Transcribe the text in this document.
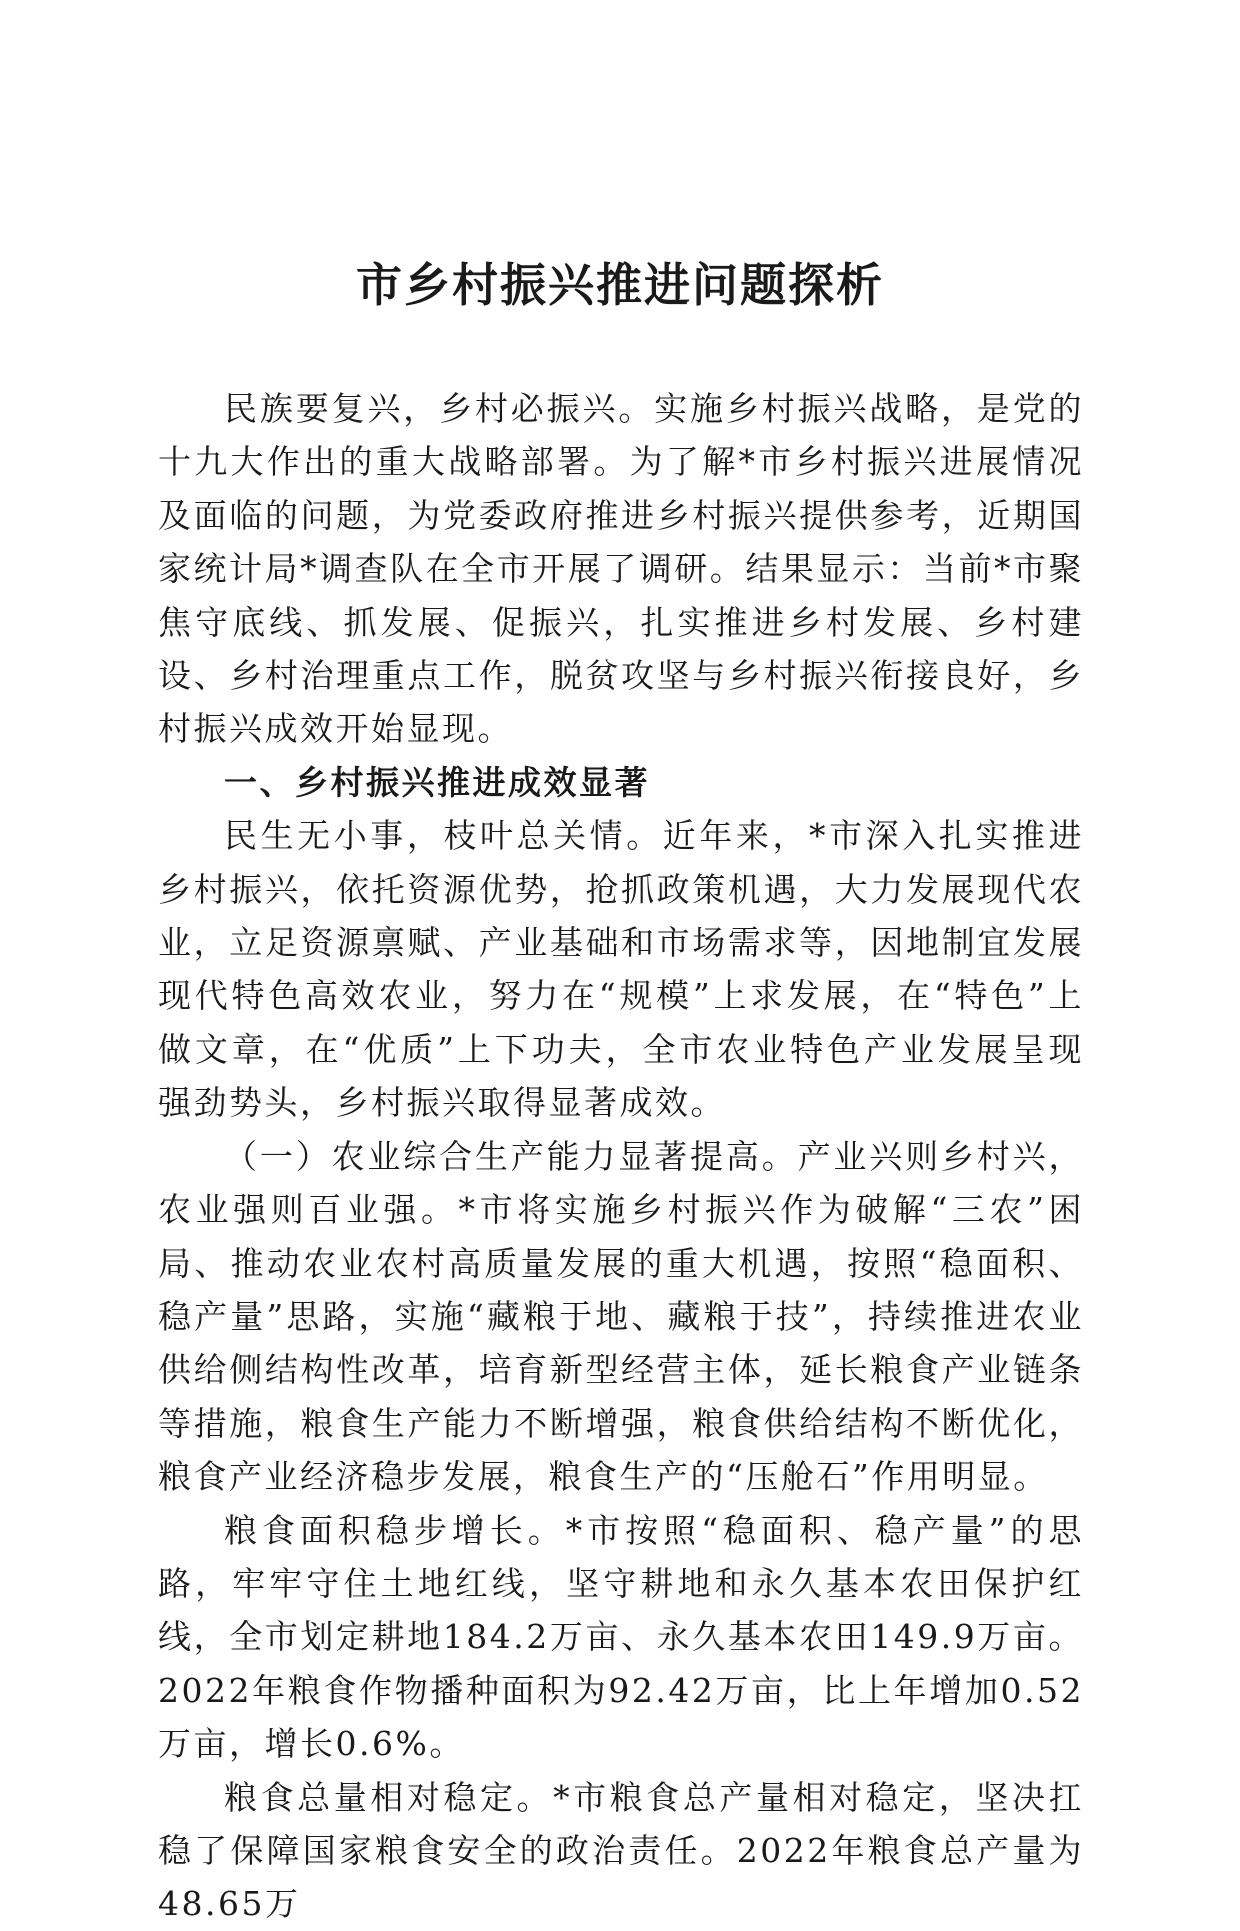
市乡村振兴推进问题探析

民族要复兴，乡村必振兴。实施乡村振兴战略，是党的十九大作出的重大战略部署。为了解*市乡村振兴进展情况及面临的问题，为党委政府推进乡村振兴提供参考，近期国家统计局*调查队在全市开展了调研。结果显示：当前*市聚焦守底线、抓发展、促振兴，扎实推进乡村发展、乡村建设、乡村治理重点工作，脱贫攻坚与乡村振兴衔接良好，乡村振兴成效开始显现。

一、乡村振兴推进成效显著

民生无小事，枝叶总关情。近年来，*市深入扎实推进乡村振兴，依托资源优势，抢抓政策机遇，大力发展现代农业，立足资源禀赋、产业基础和市场需求等，因地制宜发展现代特色高效农业，努力在“规模”上求发展，在“特色”上做文章，在“优质”上下功夫，全市农业特色产业发展呈现强劲势头，乡村振兴取得显著成效。

（一）农业综合生产能力显著提高。产业兴则乡村兴，农业强则百业强。*市将实施乡村振兴作为破解“三农”困局、推动农业农村高质量发展的重大机遇，按照“稳面积、稳产量”思路，实施“藏粮于地、藏粮于技”，持续推进农业供给侧结构性改革，培育新型经营主体，延长粮食产业链条等措施，粮食生产能力不断增强，粮食供给结构不断优化，粮食产业经济稳步发展，粮食生产的“压舱石”作用明显。

粮食面积稳步增长。*市按照“稳面积、稳产量”的思路，牢牢守住土地红线，坚守耕地和永久基本农田保护红线，全市划定耕地184.2万亩、永久基本农田149.9万亩。2022年粮食作物播种面积为92.42万亩，比上年增加0.52万亩，增长0.6%。

粮食总量相对稳定。*市粮食总产量相对稳定，坚决扛稳了保障国家粮食安全的政治责任。2022年粮食总产量为48.65万
